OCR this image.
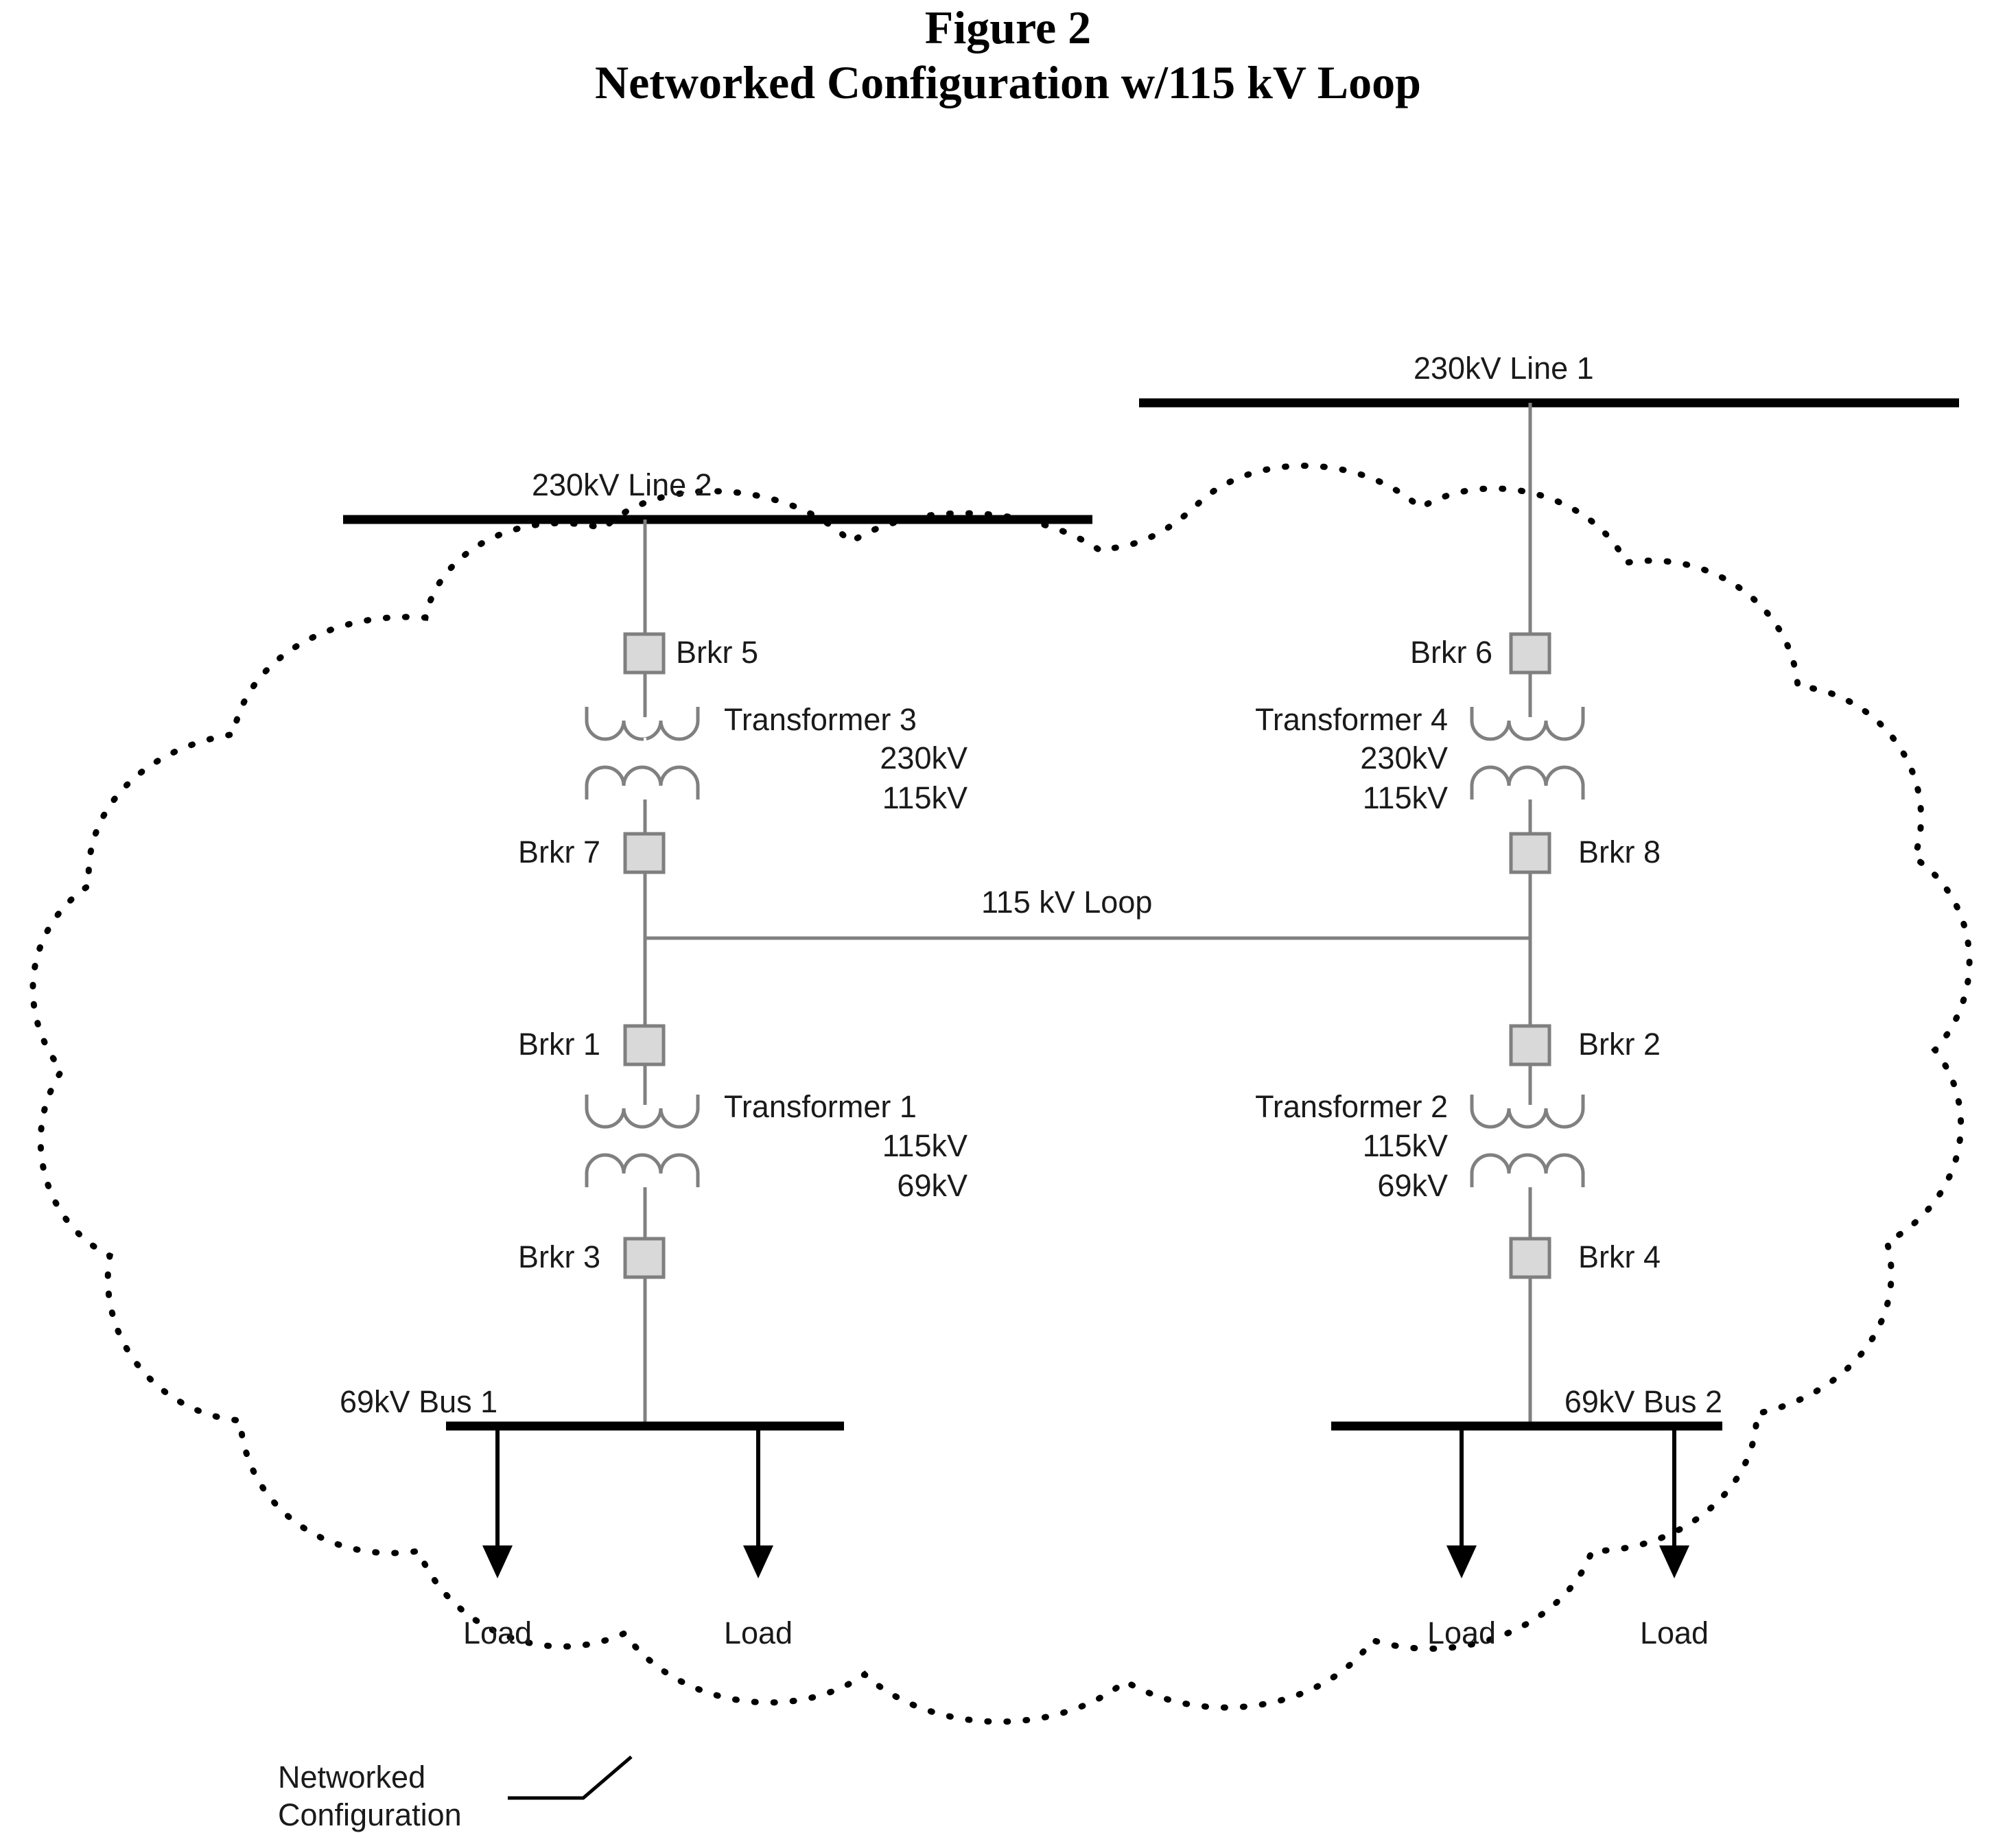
Figure 2
Networked Configuration w/115 kV Loop
230kV Line 1
230kV Line 2
Brkr 5	Brkr 6
Brkr 7	Brkr 8
Brkr 1	Brkr 2
Brkr 3	Brkr 4
Transformer 3
230kV
115kV
Transformer 4
230kV
115kV
115 kV Loop
Transformer 1
115kV
69kV
Transformer 2
115kV
69kV
69kV Bus 1	69kV Bus 2
Load	Load	Load	Load
Networked
Configuration
